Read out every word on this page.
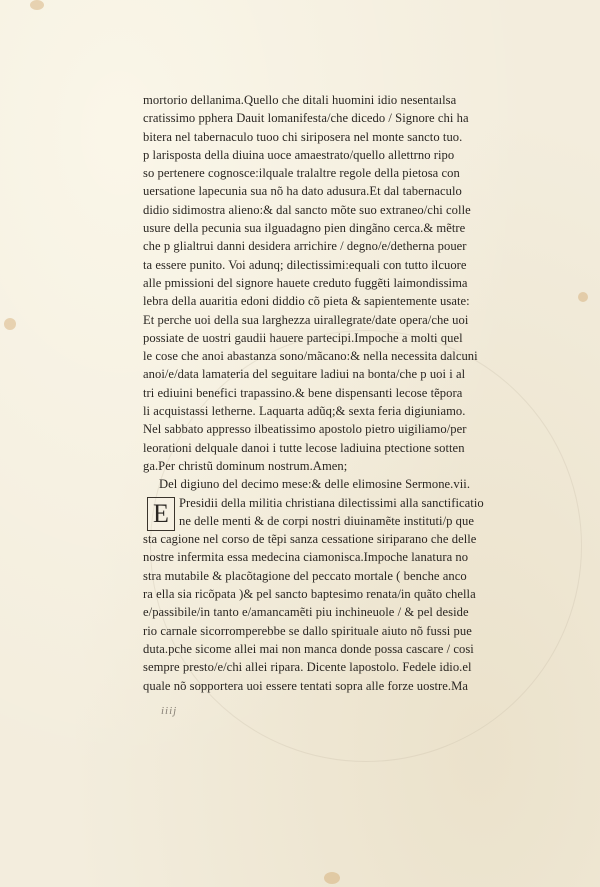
mortorio dellanima.Quello che ditali huomini idio nesentaılsa
cratissimo pphera Dauit lomanifesta/che dicedo / Signore chi ha
bitera nel tabernaculo tuoo chi siriposera nel monte sancto tuo.
p larisposta della diuina uoce amaestrato/quello allettrno ripo
so pertenere cognosce:ilquale tralaltre regole della pietosa con
uersatione lapecunia sua nõ ha dato adusura.Et dal tabernaculo
didio sidimostra alieno:& dal sancto mõte suo extraneo/chi colle
usure della pecunia sua ilguadagno pien dingãno cerca.& mẽtre
che p glialtrui danni desidera arrichire / degno/e/detherna pouer
ta essere punito. Voi adunq; dilectissimi:equali con tutto ilcuore
alle pmissioni del signore hauete creduto fuggẽti laimondissima
lebra della auaritia edoni diddio cõ pieta & sapientemente usate:
Et perche uoi della sua larghezza uirallegrate/date opera/che uoi
possiate de uostri gaudii hauere partecipi.Impoche a molti quel
le cose che anoi abastanza sono/mãcano:& nella necessita dalcuni
anoi/e/data lamateria del seguitare ladiui na bonta/che p uoi i al
tri ediuini benefici trapassino.& bene dispensanti lecose tẽpora
li acquistassi letherne. Laquarta adũq;& sexta feria digiuniamo.
Nel sabbato appresso ilbeatissimo apostolo pietro uigiliamo/per
leorationi delquale danoi i tutte lecose ladiuina ptectione sotten
ga.Per christũ dominum nostrum.Amen;
Del digiuno del decimo mese:& delle elimosine Sermone.vii.
E Presidii della militia christiana dilectissimi alla sanctificatio
ne delle menti & de corpi nostri diuinamẽte instituti/p que
sta cagione nel corso de tẽpi sanza cessatione siriparano che delle
nostre infermita essa medecina ciamonisca.Impoche lanatura no
stra mutabile & placõtagione del peccato mortale ( benche anco
ra ella sia ricõpata )& pel sancto baptesimo renata/in quãto chella
e/passibile/in tanto e/amancamẽti piu inchineuole / & pel deside
rio carnale sicorromperebbe se dallo spirituale aiuto nõ fussi pue
duta.pche sicome allei mai non manca donde possa cascare / cosi
sempre presto/e/chi allei ripara. Dicente lapostolo. Fedele idio.el
quale nõ sopportera uoi essere tentati sopra alle forze uostre.Ma
iiij
